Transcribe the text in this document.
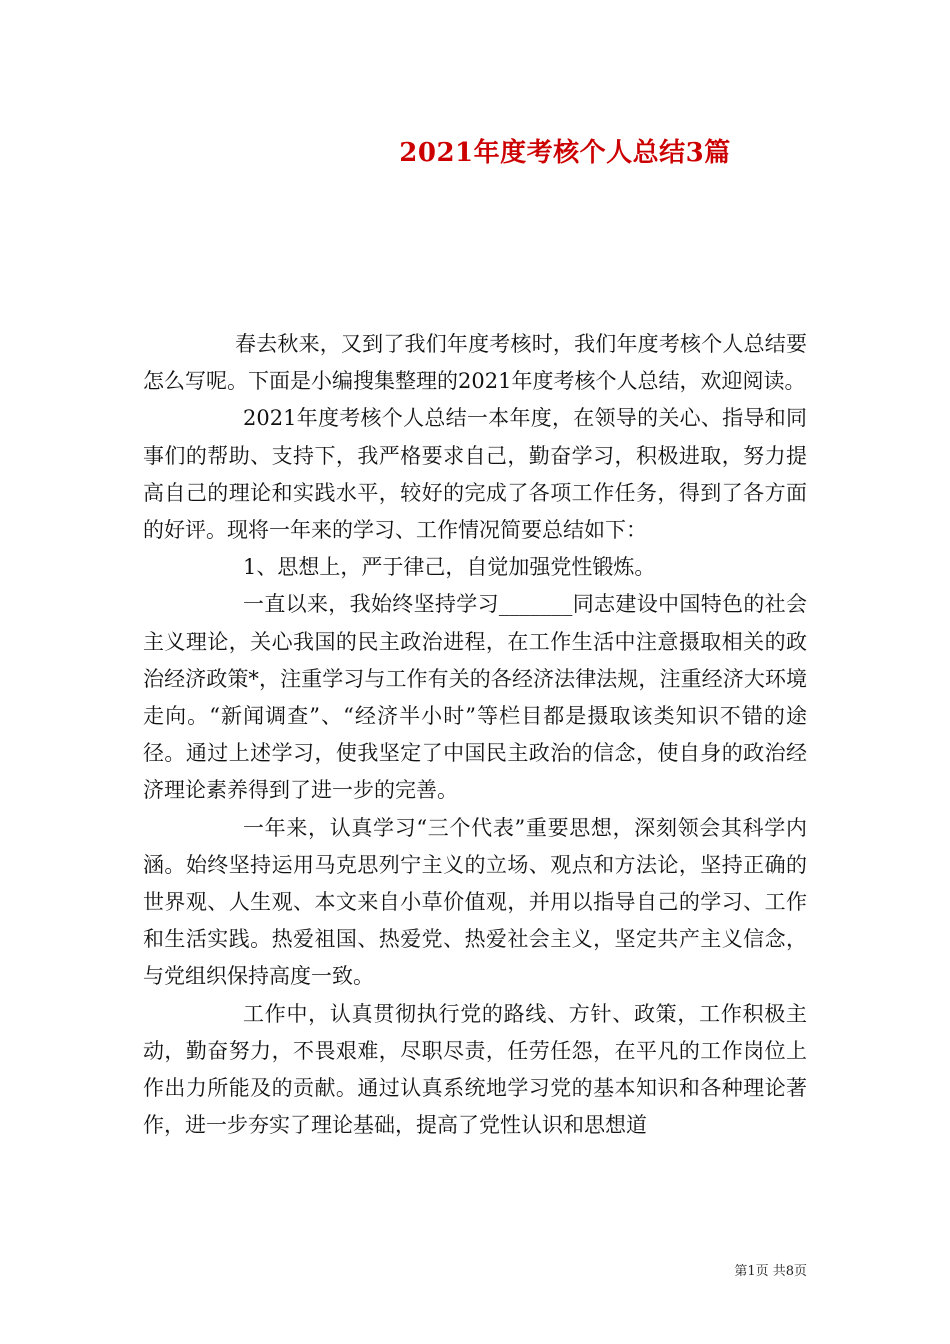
2021年度考核个人总结3篇

春去秋来，又到了我们年度考核时，我们年度考核个人总结要怎么写呢。下面是小编搜集整理的2021年度考核个人总结，欢迎阅读。

2021年度考核个人总结一本年度，在领导的关心、指导和同事们的帮助、支持下，我严格要求自己，勤奋学习，积极进取，努力提高自己的理论和实践水平，较好的完成了各项工作任务，得到了各方面的好评。现将一年来的学习、工作情况简要总结如下：

1、思想上，严于律己，自觉加强党性锻炼。

一直以来，我始终坚持学习_______同志建设中国特色的社会主义理论，关心我国的民主政治进程，在工作生活中注意摄取相关的政治经济政策*，注重学习与工作有关的各经济法律法规，注重经济大环境走向。“新闻调查”、“经济半小时”等栏目都是摄取该类知识不错的途径。通过上述学习，使我坚定了中国民主政治的信念，使自身的政治经济理论素养得到了进一步的完善。

一年来，认真学习“三个代表”重要思想，深刻领会其科学内涵。始终坚持运用马克思列宁主义的立场、观点和方法论，坚持正确的世界观、人生观、本文来自小草价值观，并用以指导自己的学习、工作和生活实践。热爱祖国、热爱党、热爱社会主义，坚定共产主义信念，与党组织保持高度一致。

工作中，认真贯彻执行党的路线、方针、政策，工作积极主动，勤奋努力，不畏艰难，尽职尽责，任劳任怨，在平凡的工作岗位上作出力所能及的贡献。通过认真系统地学习党的基本知识和各种理论著作，进一步夯实了理论基础，提高了党性认识和思想道

第1页 共8页
